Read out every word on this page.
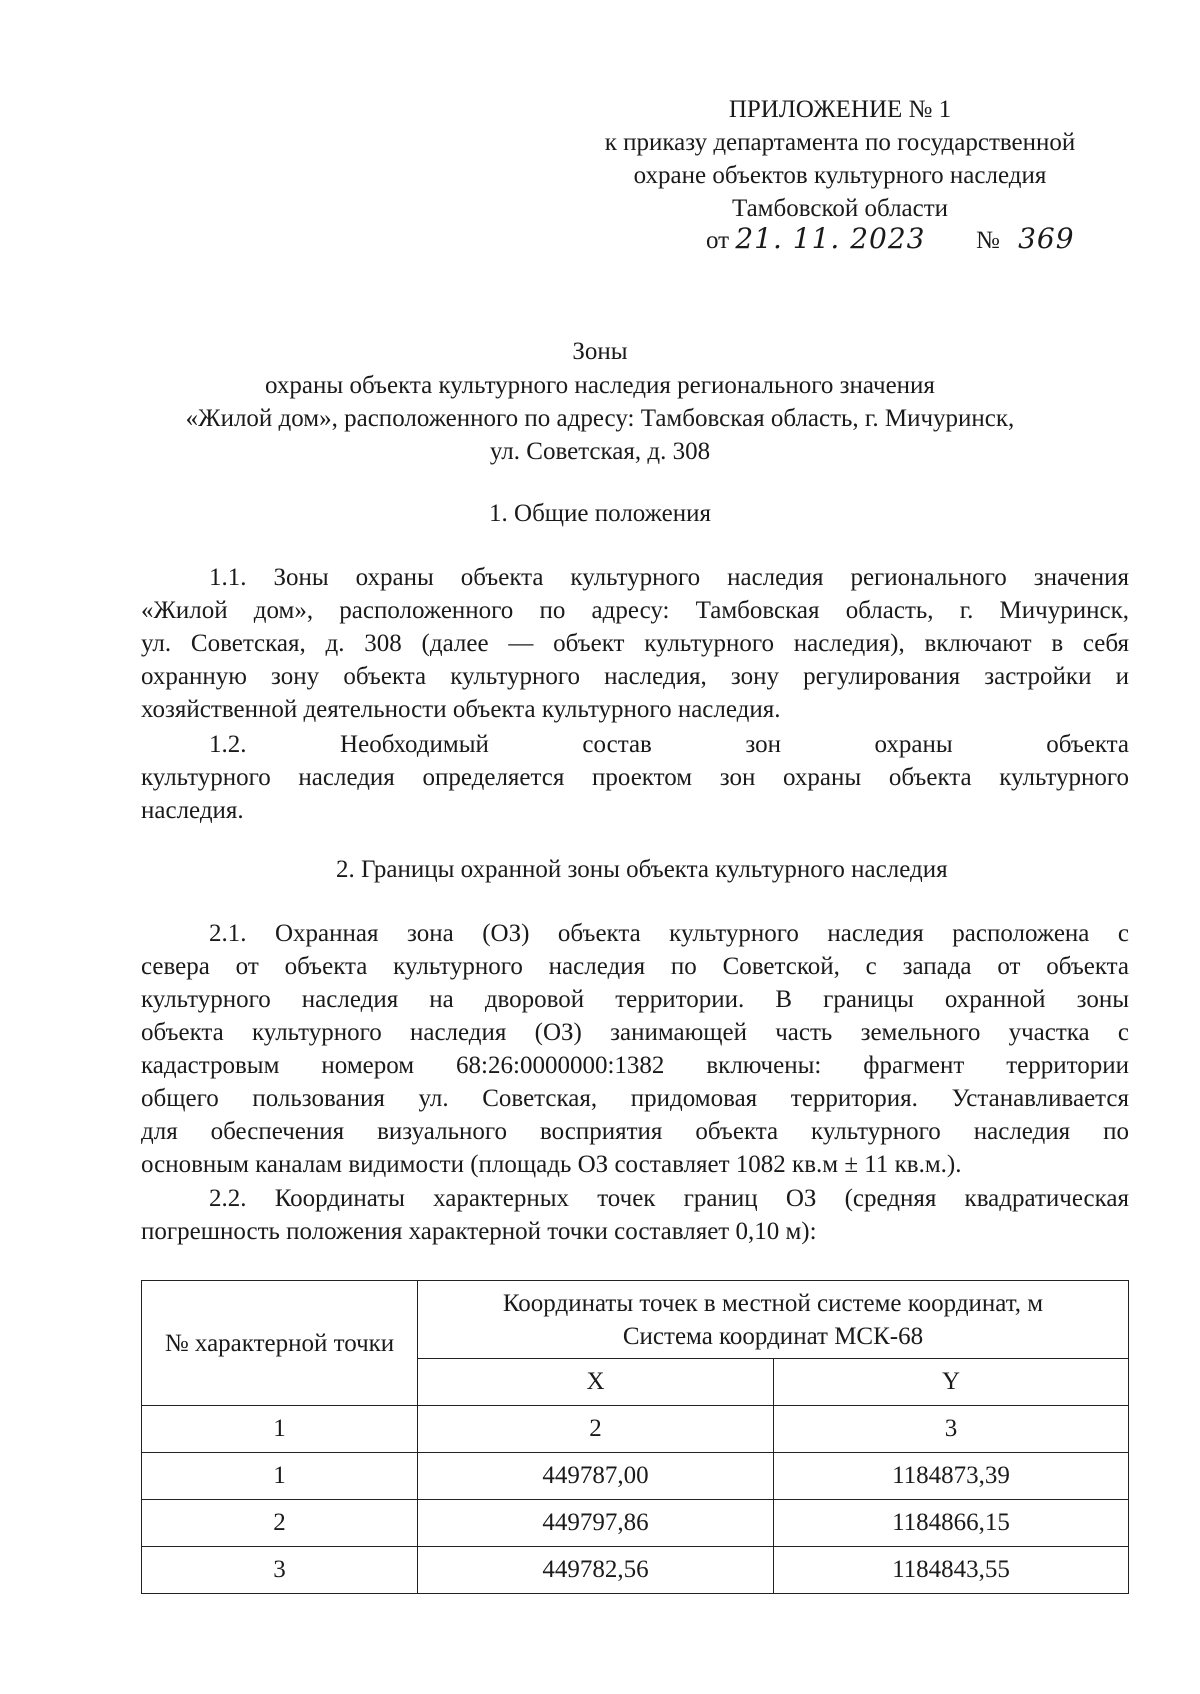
ПРИЛОЖЕНИЕ № 1
к приказу департамента по государственной
охране объектов культурного наследия
Тамбовской области
от 21. 11. 2023 № 369
Зоны
охраны объекта культурного наследия регионального значения
«Жилой дом», расположенного по адресу: Тамбовская область, г. Мичуринск,
ул. Советская, д. 308
1. Общие положения
1.1. Зоны охраны объекта культурного наследия регионального значения
«Жилой дом», расположенного по адресу: Тамбовская область, г. Мичуринск,
ул. Советская, д. 308 (далее — объект культурного наследия), включают в себя
охранную зону объекта культурного наследия, зону регулирования застройки и
хозяйственной деятельности объекта культурного наследия.
1.2. Необходимый состав зон охраны объекта
культурного наследия определяется проектом зон охраны объекта культурного
наследия.
2. Границы охранной зоны объекта культурного наследия
2.1. Охранная зона (ОЗ) объекта культурного наследия расположена с
севера от объекта культурного наследия по Советской, с запада от объекта
культурного наследия на дворовой территории. В границы охранной зоны
объекта культурного наследия (ОЗ) занимающей часть земельного участка с
кадастровым номером 68:26:0000000:1382 включены: фрагмент территории
общего пользования ул. Советская, придомовая территория. Устанавливается
для обеспечения визуального восприятия объекта культурного наследия по
основным каналам видимости (площадь ОЗ составляет 1082 кв.м ± 11 кв.м.).
2.2. Координаты характерных точек границ ОЗ (средняя квадратическая
погрешность положения характерной точки составляет 0,10 м):
№ характерной точки	Координаты точек в местной системе координат, м
Система координат МСК-68	

	X	Y
1	2	3
1	449787,00	1184873,39
2	449797,86	1184866,15
3	449782,56	1184843,55
